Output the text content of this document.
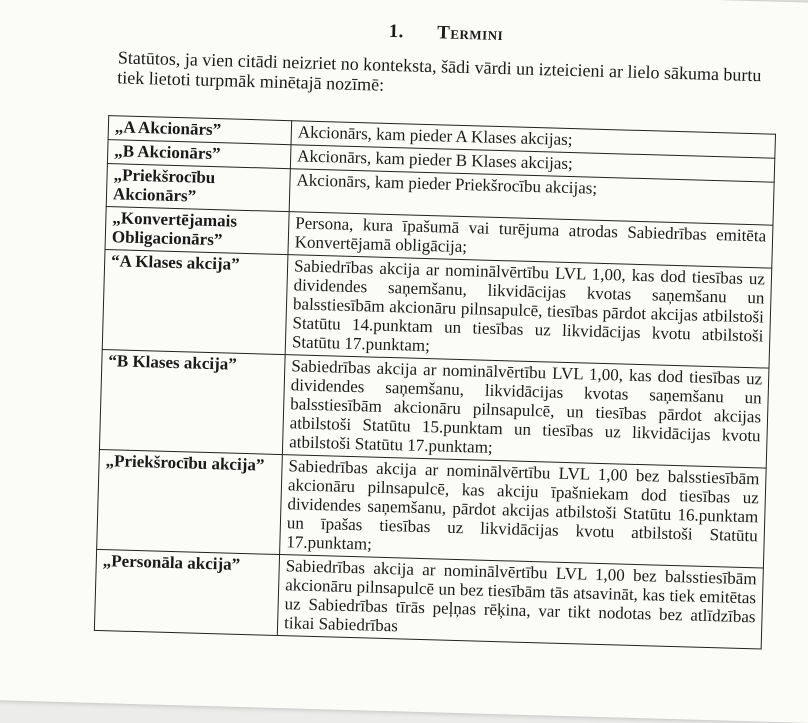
1. Termini
Statūtos, ja vien citādi neizriet no konteksta, šādi vārdi un izteicieni ar lielo sākuma burtu tiek lietoti turpmāk minētajā nozīmē:
„A Akcionārs”	Akcionārs, kam pieder A Klases akcijas;
„B Akcionārs”	Akcionārs, kam pieder B Klases akcijas;
„Priekšrocību Akcionārs”	Akcionārs, kam pieder Priekšrocību akcijas;
„Konvertējamais Obligacionārs”	Persona, kura īpašumā vai turējuma atrodas Sabiedrības emitēta Konvertējamā obligācija;
“A Klases akcija”	Sabiedrības akcija ar nominālvērtību LVL 1,00, kas dod tiesības uz dividendes saņemšanu, likvidācijas kvotas saņemšanu un balsstiesībām akcionāru pilnsapulcē, tiesības pārdot akcijas atbilstoši Statūtu 14.punktam un tiesības uz likvidācijas kvotu atbilstoši Statūtu 17.punktam;
“B Klases akcija”	Sabiedrības akcija ar nominālvērtību LVL 1,00, kas dod tiesības uz dividendes saņemšanu, likvidācijas kvotas saņemšanu un balsstiesībām akcionāru pilnsapulcē, un tiesības pārdot akcijas atbilstoši Statūtu 15.punktam un tiesības uz likvidācijas kvotu atbilstoši Statūtu 17.punktam;
„Priekšrocību akcija”	Sabiedrības akcija ar nominālvērtību LVL 1,00 bez balsstiesībām akcionāru pilnsapulcē, kas akciju īpašniekam dod tiesības uz dividendes saņemšanu, pārdot akcijas atbilstoši Statūtu 16.punktam un īpašas tiesības uz likvidācijas kvotu atbilstoši Statūtu 17.punktam;
„Personāla akcija”	Sabiedrības akcija ar nominālvērtību LVL 1,00 bez balsstiesībām akcionāru pilnsapulcē un bez tiesībām tās atsavināt, kas tiek emitētas uz Sabiedrības tīrās peļņas rēķina, var tikt nodotas bez atlīdzības tikai Sabiedrības
